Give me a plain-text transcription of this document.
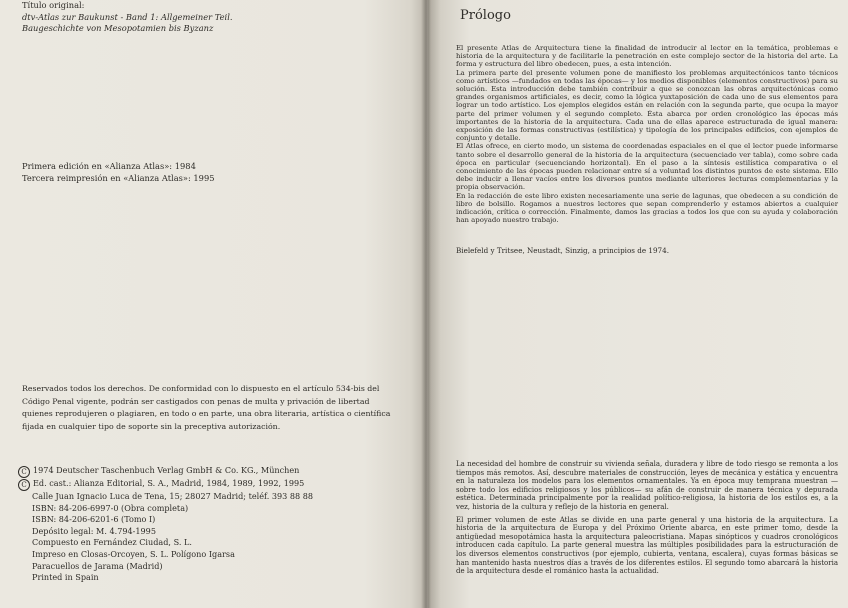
Título original:
dtv-Atlas zur Baukunst - Band 1: Allgemeiner Teil.
Baugeschichte von Mesopotamien bis Byzanz
Primera edición en «Alianza Atlas»: 1984
Tercera reimpresión en «Alianza Atlas»: 1995
Reservados todos los derechos. De conformidad con lo dispuesto en el artículo 534-bis del
Código Penal vigente, podrán ser castigados con penas de multa y privación de libertad
quienes reprodujeren o plagiaren, en todo o en parte, una obra literaria, artística o científica
fijada en cualquier tipo de soporte sin la preceptiva autorización.
C 1974 Deutscher Taschenbuch Verlag GmbH & Co. KG., München
C Ed. cast.: Alianza Editorial, S. A., Madrid, 1984, 1989, 1992, 1995
Calle Juan Ignacio Luca de Tena, 15; 28027 Madrid; teléf. 393 88 88
ISBN: 84-206-6997-0 (Obra completa)
ISBN: 84-206-6201-6 (Tomo I)
Depósito legal: M. 4.794-1995
Compuesto en Fernández Ciudad, S. L.
Impreso en Closas-Orcoyen, S. L. Polígono Igarsa
Paracuellos de Jarama (Madrid)
Printed in Spain
Prólogo

El presente Atlas de Arquitectura tiene la finalidad de introducir al lector en la temática, problemas e historia de la arquitectura y de facilitarle la penetración en este complejo sector de la historia del arte. La forma y estructura del libro obedecen, pues, a esta intención.

La primera parte del presente volumen pone de manifiesto los problemas arquitectónicos tanto técnicos como artísticos —fundados en todas las épocas— y los medios disponibles (elementos constructivos) para su solución. Esta introducción debe también contribuir a que se conozcan las obras arquitectónicas como grandes organismos artificiales, es decir, como la lógica yuxtaposición de cada uno de sus elementos para lograr un todo artístico. Los ejemplos elegidos están en relación con la segunda parte, que ocupa la mayor parte del primer volumen y el segundo completo. Ésta abarca por orden cronológico las épocas más importantes de la historia de la arquitectura. Cada una de ellas aparece estructurada de igual manera: exposición de las formas constructivas (estilística) y tipología de los principales edificios, con ejemplos de conjunto y detalle.

El Atlas ofrece, en cierto modo, un sistema de coordenadas espaciales en el que el lector puede informarse tanto sobre el desarrollo general de la historia de la arquitectura (secuenciado ver tabla), como sobre cada época en particular (secuenciando horizontal). En el paso a la síntesis estilística comparativa o el conocimiento de las épocas pueden relacionar entre sí a voluntad los distintos puntos de este sistema. Ello debe inducir a llenar vacíos entre los diversos puntos mediante ulteriores lecturas complementarias y la propia observación.

En la redacción de este libro existen necesariamente una serie de lagunas, que obedecen a su condición de libro de bolsillo. Rogamos a nuestros lectores que sepan comprenderlo y estamos abiertos a cualquier indicación, crítica o corrección. Finalmente, damos las gracias a todos los que con su ayuda y colaboración han apoyado nuestro trabajo.

Bielefeld y Tritsee, Neustadt, Sinzig, a principios de 1974.

La necesidad del hombre de construir su vivienda señala, duradera y libre de todo riesgo se remonta a los tiempos más remotos. Así, descubre materiales de construcción, leyes de mecánica y estática y encuentra en la naturaleza los modelos para los elementos ornamentales. Ya en época muy temprana muestran —sobre todo los edificios religiosos y los públicos— su afán de construir de manera técnica y depurada estética. Determinada principalmente por la realidad político-religiosa, la historia de los estilos es, a la vez, historia de la cultura y reflejo de la historia en general.

El primer volumen de este Atlas se divide en una parte general y una historia de la arquitectura. La historia de la arquitectura de Europa y del Próximo Oriente abarca, en este primer tomo, desde la antigüedad mesopotámica hasta la arquitectura paleocristiana. Mapas sinópticos y cuadros cronológicos introducen cada capítulo. La parte general muestra las múltiples posibilidades para la estructuración de los diversos elementos constructivos (por ejemplo, cubierta, ventana, escalera), cuyas formas básicas se han mantenido hasta nuestros días a través de los diferentes estilos. El segundo tomo abarcará la historia de la arquitectura desde el románico hasta la actualidad.
